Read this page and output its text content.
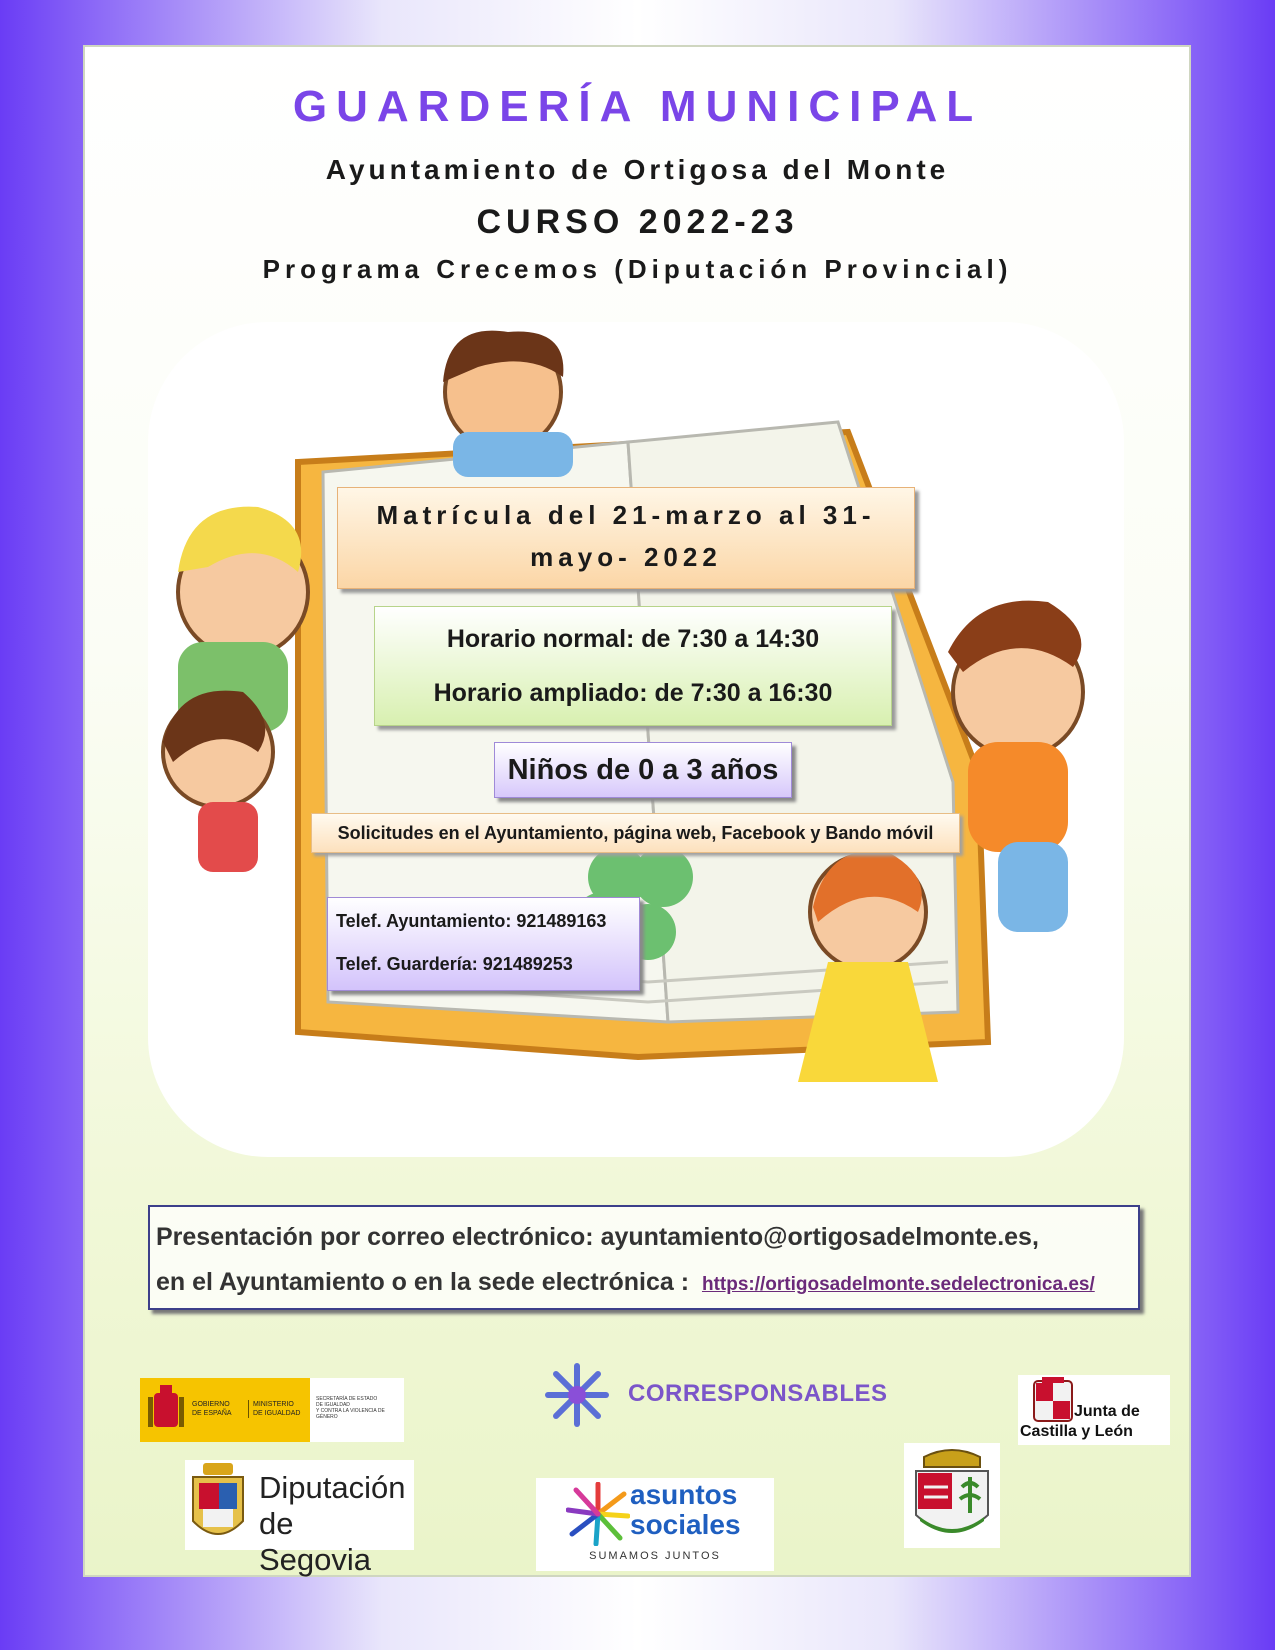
GUARDERÍA MUNICIPAL
Ayuntamiento de Ortigosa del Monte
CURSO 2022-23
Programa Crecemos (Diputación Provincial)
Matrícula del 21-marzo al 31-
mayo- 2022
Horario normal: de 7:30 a 14:30
Horario ampliado: de 7:30 a 16:30
Niños de 0 a 3 años
Solicitudes en el Ayuntamiento, página web, Facebook y Bando móvil
Telef. Ayuntamiento: 921489163
Telef. Guardería: 921489253
Presentación por correo electrónico: ayuntamiento@ortigosadelmonte.es,
en el Ayuntamiento o en la sede electrónica : https://ortigosadelmonte.sedelectronica.es/
GOBIERNO
DE ESPAÑA
MINISTERIO
DE IGUALDAD
SECRETARÍA DE ESTADO
DE IGUALDAD
Y CONTRA LA VIOLENCIA DE GÉNERO
CORRESPONSABLES
Junta de
Castilla y León
Diputación
de Segovia
asuntos
sociales
SUMAMOS JUNTOS
